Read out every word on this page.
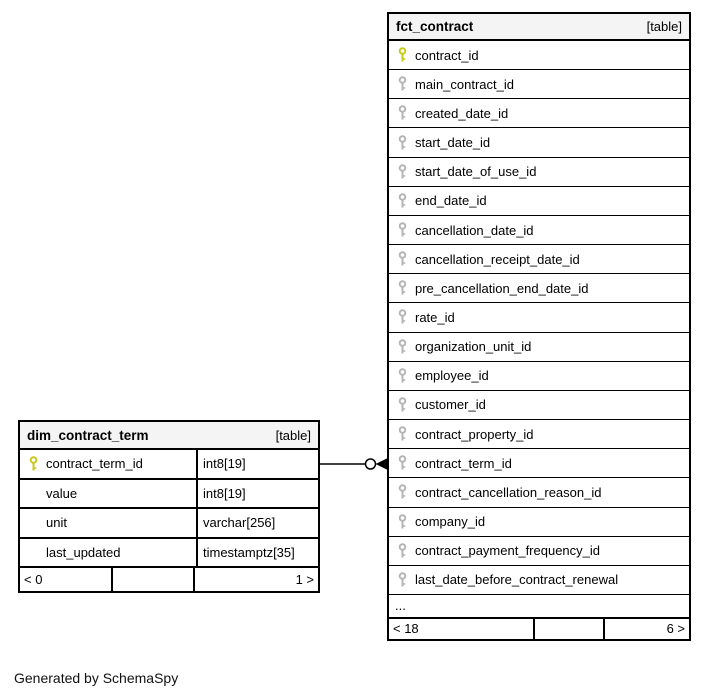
fct_contract	[table]
contract_id
main_contract_id
created_date_id
start_date_id
start_date_of_use_id
end_date_id
cancellation_date_id
cancellation_receipt_date_id
pre_cancellation_end_date_id
rate_id
organization_unit_id
employee_id
customer_id
contract_property_id
contract_term_id
contract_cancellation_reason_id
company_id
contract_payment_frequency_id
last_date_before_contract_renewal
...
< 18	6 >
dim_contract_term	[table]
contract_term_id	int8[19]
value	int8[19]
unit	varchar[256]
last_updated	timestamptz[35]
< 0	1 >
Generated by SchemaSpy
